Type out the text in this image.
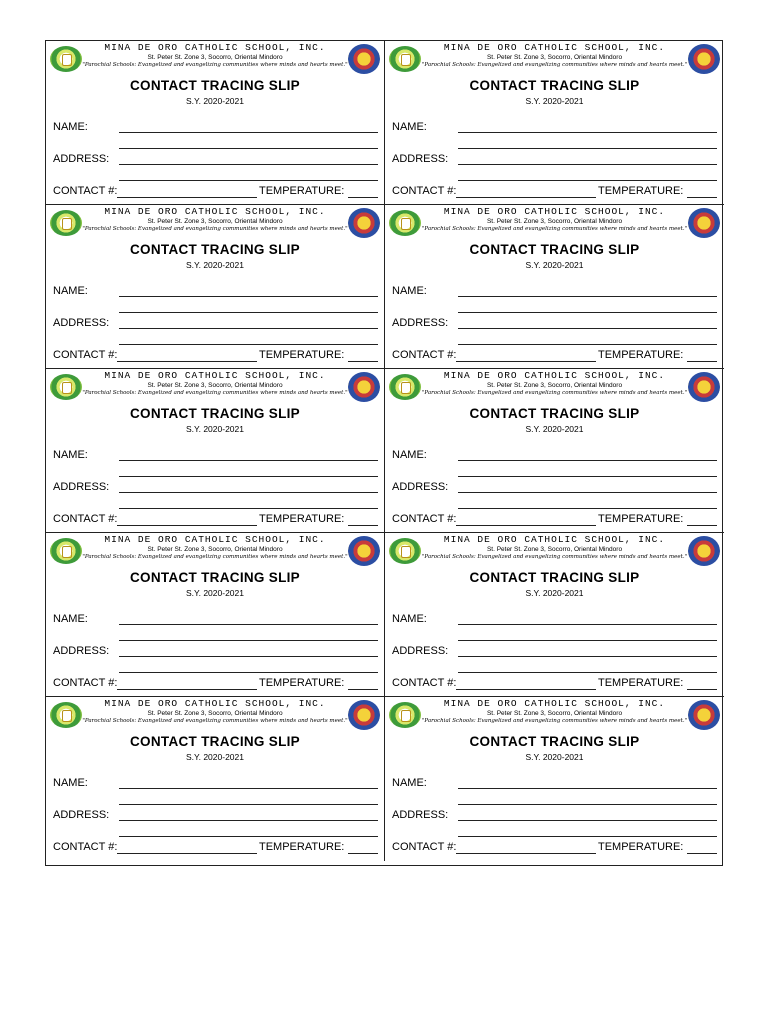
MINA DE ORO CATHOLIC SCHOOL, INC.
St. Peter St. Zone 3, Socorro, Oriental Mindoro
"Parochial Schools: Evangelized and evangelizing communities where minds and hearts meet."
CONTACT TRACING SLIP
S.Y. 2020-2021
NAME:
ADDRESS:
CONTACT #:	TEMPERATURE:
MINA DE ORO CATHOLIC SCHOOL, INC.
St. Peter St. Zone 3, Socorro, Oriental Mindoro
"Parochial Schools: Evangelized and evangelizing communities where minds and hearts meet."
CONTACT TRACING SLIP
S.Y. 2020-2021
NAME:
ADDRESS:
CONTACT #:	TEMPERATURE:
MINA DE ORO CATHOLIC SCHOOL, INC.
St. Peter St. Zone 3, Socorro, Oriental Mindoro
"Parochial Schools: Evangelized and evangelizing communities where minds and hearts meet."
CONTACT TRACING SLIP
S.Y. 2020-2021
NAME:
ADDRESS:
CONTACT #:	TEMPERATURE:
MINA DE ORO CATHOLIC SCHOOL, INC.
St. Peter St. Zone 3, Socorro, Oriental Mindoro
"Parochial Schools: Evangelized and evangelizing communities where minds and hearts meet."
CONTACT TRACING SLIP
S.Y. 2020-2021
NAME:
ADDRESS:
CONTACT #:	TEMPERATURE:
MINA DE ORO CATHOLIC SCHOOL, INC.
St. Peter St. Zone 3, Socorro, Oriental Mindoro
"Parochial Schools: Evangelized and evangelizing communities where minds and hearts meet."
CONTACT TRACING SLIP
S.Y. 2020-2021
NAME:
ADDRESS:
CONTACT #:	TEMPERATURE:
MINA DE ORO CATHOLIC SCHOOL, INC.
St. Peter St. Zone 3, Socorro, Oriental Mindoro
"Parochial Schools: Evangelized and evangelizing communities where minds and hearts meet."
CONTACT TRACING SLIP
S.Y. 2020-2021
NAME:
ADDRESS:
CONTACT #:	TEMPERATURE:
MINA DE ORO CATHOLIC SCHOOL, INC.
St. Peter St. Zone 3, Socorro, Oriental Mindoro
"Parochial Schools: Evangelized and evangelizing communities where minds and hearts meet."
CONTACT TRACING SLIP
S.Y. 2020-2021
NAME:
ADDRESS:
CONTACT #:	TEMPERATURE:
MINA DE ORO CATHOLIC SCHOOL, INC.
St. Peter St. Zone 3, Socorro, Oriental Mindoro
"Parochial Schools: Evangelized and evangelizing communities where minds and hearts meet."
CONTACT TRACING SLIP
S.Y. 2020-2021
NAME:
ADDRESS:
CONTACT #:	TEMPERATURE:
MINA DE ORO CATHOLIC SCHOOL, INC.
St. Peter St. Zone 3, Socorro, Oriental Mindoro
"Parochial Schools: Evangelized and evangelizing communities where minds and hearts meet."
CONTACT TRACING SLIP
S.Y. 2020-2021
NAME:
ADDRESS:
CONTACT #:	TEMPERATURE:
MINA DE ORO CATHOLIC SCHOOL, INC.
St. Peter St. Zone 3, Socorro, Oriental Mindoro
"Parochial Schools: Evangelized and evangelizing communities where minds and hearts meet."
CONTACT TRACING SLIP
S.Y. 2020-2021
NAME:
ADDRESS:
CONTACT #:	TEMPERATURE:
